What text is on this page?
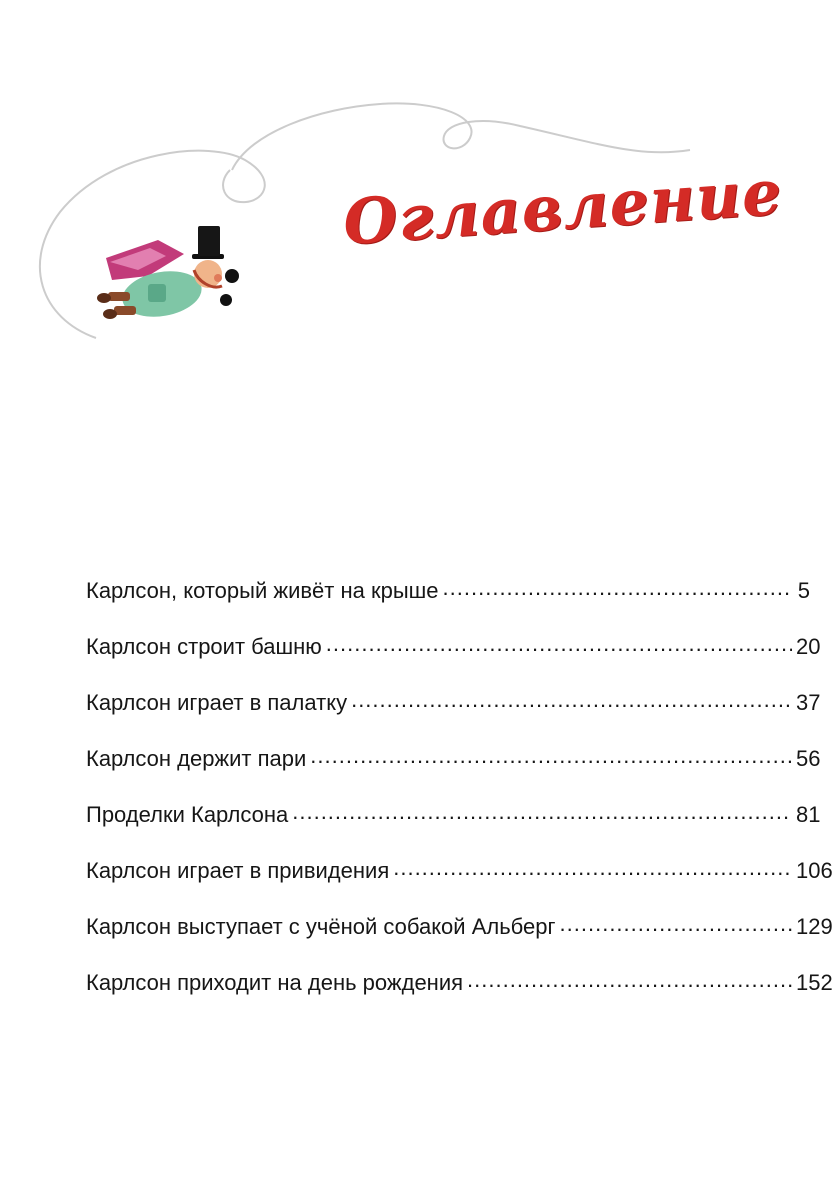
Оглавление
Карлсон, который живёт на крыше .....	5
Карлсон строит башню .....	20
Карлсон играет в палатку .....	37
Карлсон держит пари .....	56
Проделки Карлсона .....	81
Карлсон играет в привидения .....	106
Карлсон выступает с учёной собакой Альберг .....	129
Карлсон приходит на день рождения .....	152
